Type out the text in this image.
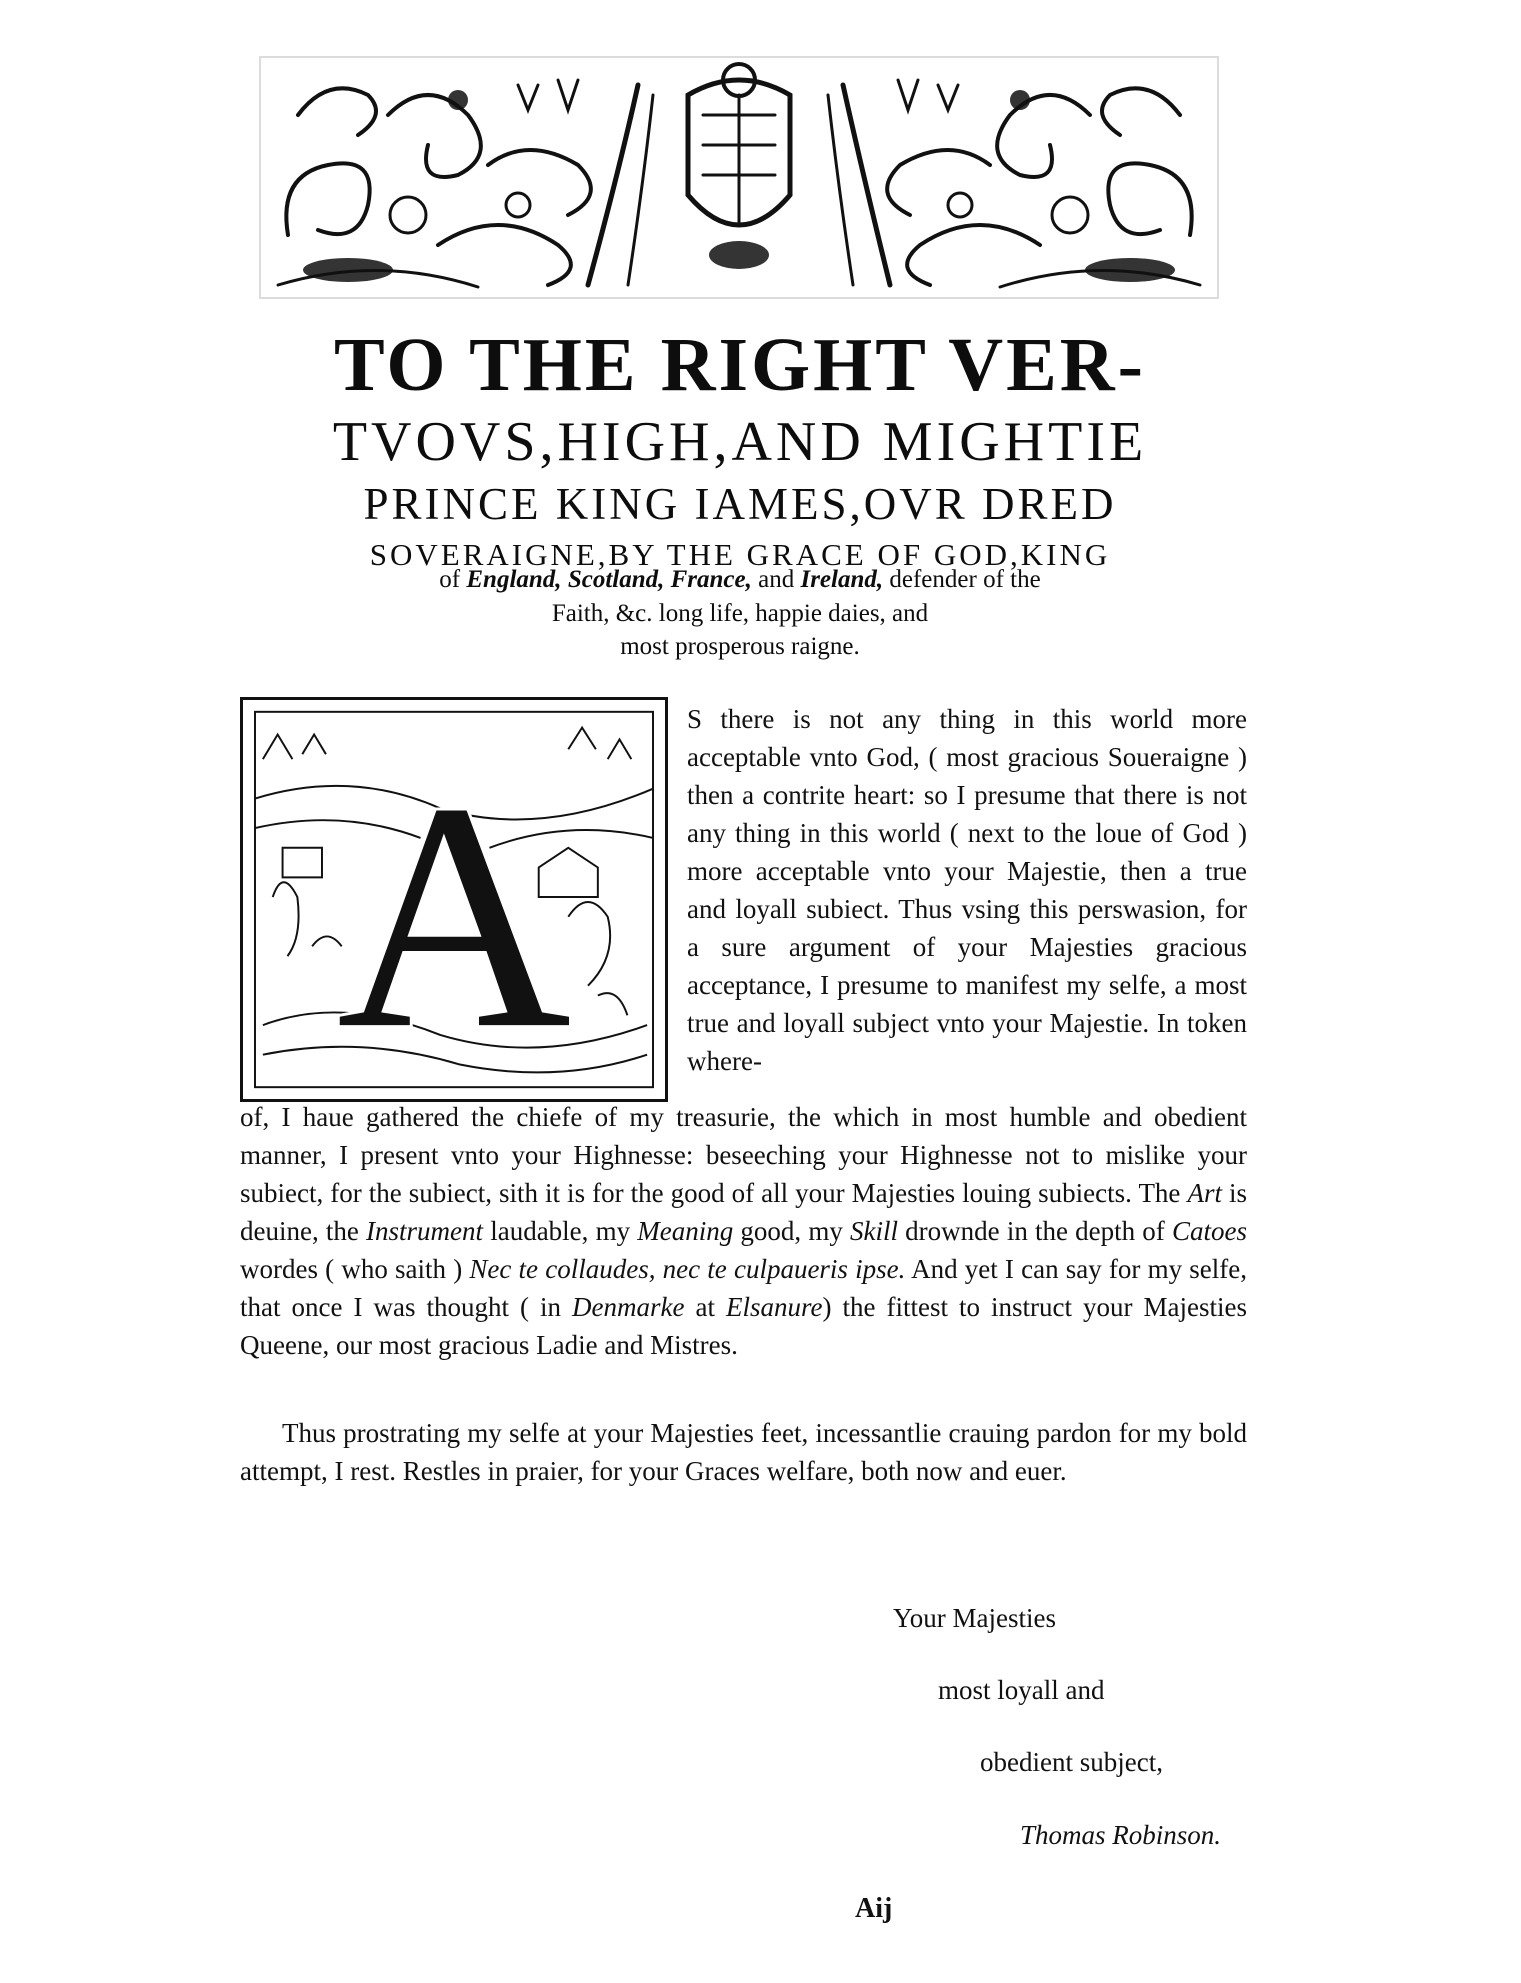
TO THE RIGHT VER-
TVOVS,HIGH,AND MIGHTIE
PRINCE KING IAMES,OVR DRED
SOVERAIGNE,BY THE GRACE OF GOD,KING
of England, Scotland, France, and Ireland, defender of the
Faith, &c. long life, happie daies, and
most prosperous raigne.
A

S there is not any thing in this world more acceptable vnto God, ( most gracious Soueraigne ) then a contrite heart: so I presume that there is not any thing in this world ( next to the loue of God ) more acceptable vnto your Majestie, then a true and loyall subiect. Thus vsing this perswasion, for a sure argument of your Majesties gracious acceptance, I presume to manifest my selfe, a most true and loyall subject vnto your Majestie. In token where-

of, I haue gathered the chiefe of my treasurie, the which in most humble and obedient manner, I present vnto your Highnesse: beseeching your Highnesse not to mislike your subiect, for the subiect, sith it is for the good of all your Majesties louing subiects. The Art is deuine, the Instrument laudable, my Meaning good, my Skill drownde in the depth of Catoes wordes ( who saith ) Nec te collaudes, nec te culpaueris ipse. And yet I can say for my selfe, that once I was thought ( in Denmarke at Elsanure) the fittest to instruct your Majesties Queene, our most gracious Ladie and Mistres.

Thus prostrating my selfe at your Majesties feet, incessantlie crauing pardon for my bold attempt, I rest. Restles in praier, for your Graces welfare, both now and euer.

Your Majesties
most loyall and
obedient subject,
Thomas Robinson.
Aij
